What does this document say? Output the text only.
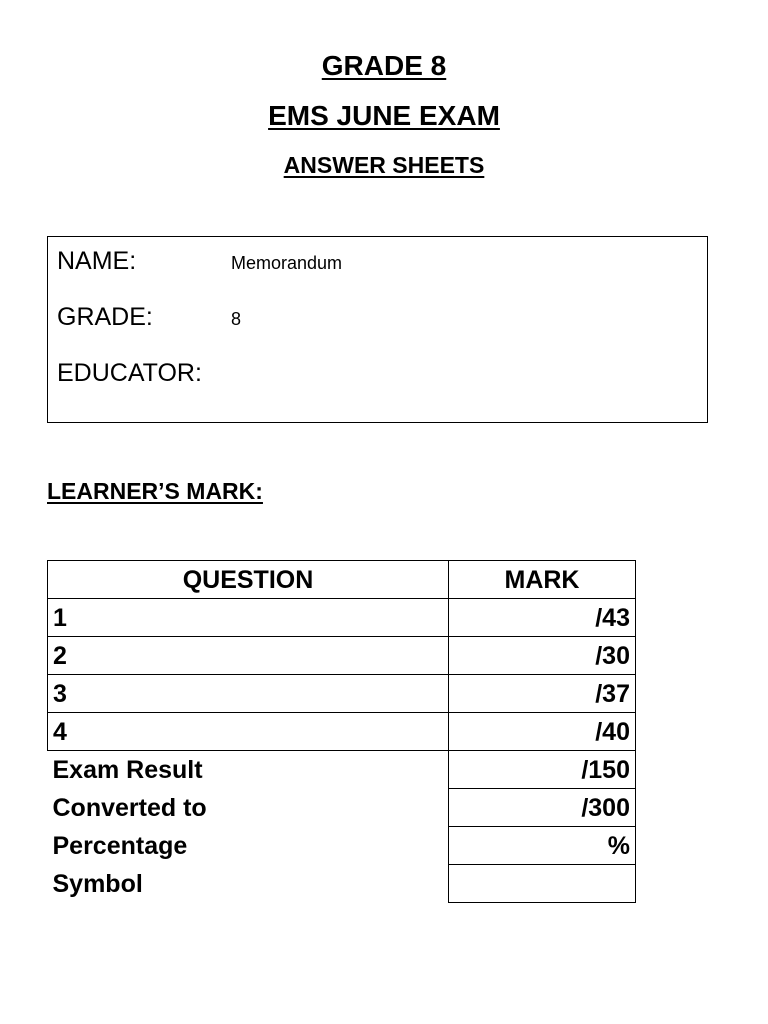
GRADE 8
EMS JUNE EXAM
ANSWER SHEETS
NAME:	Memorandum
GRADE:	8
EDUCATOR:
LEARNER’S MARK:
QUESTION	MARK
1	/43
2	/30
3	/37
4	/40
Exam Result	/150
Converted to	/300
Percentage	%
Symbol	
